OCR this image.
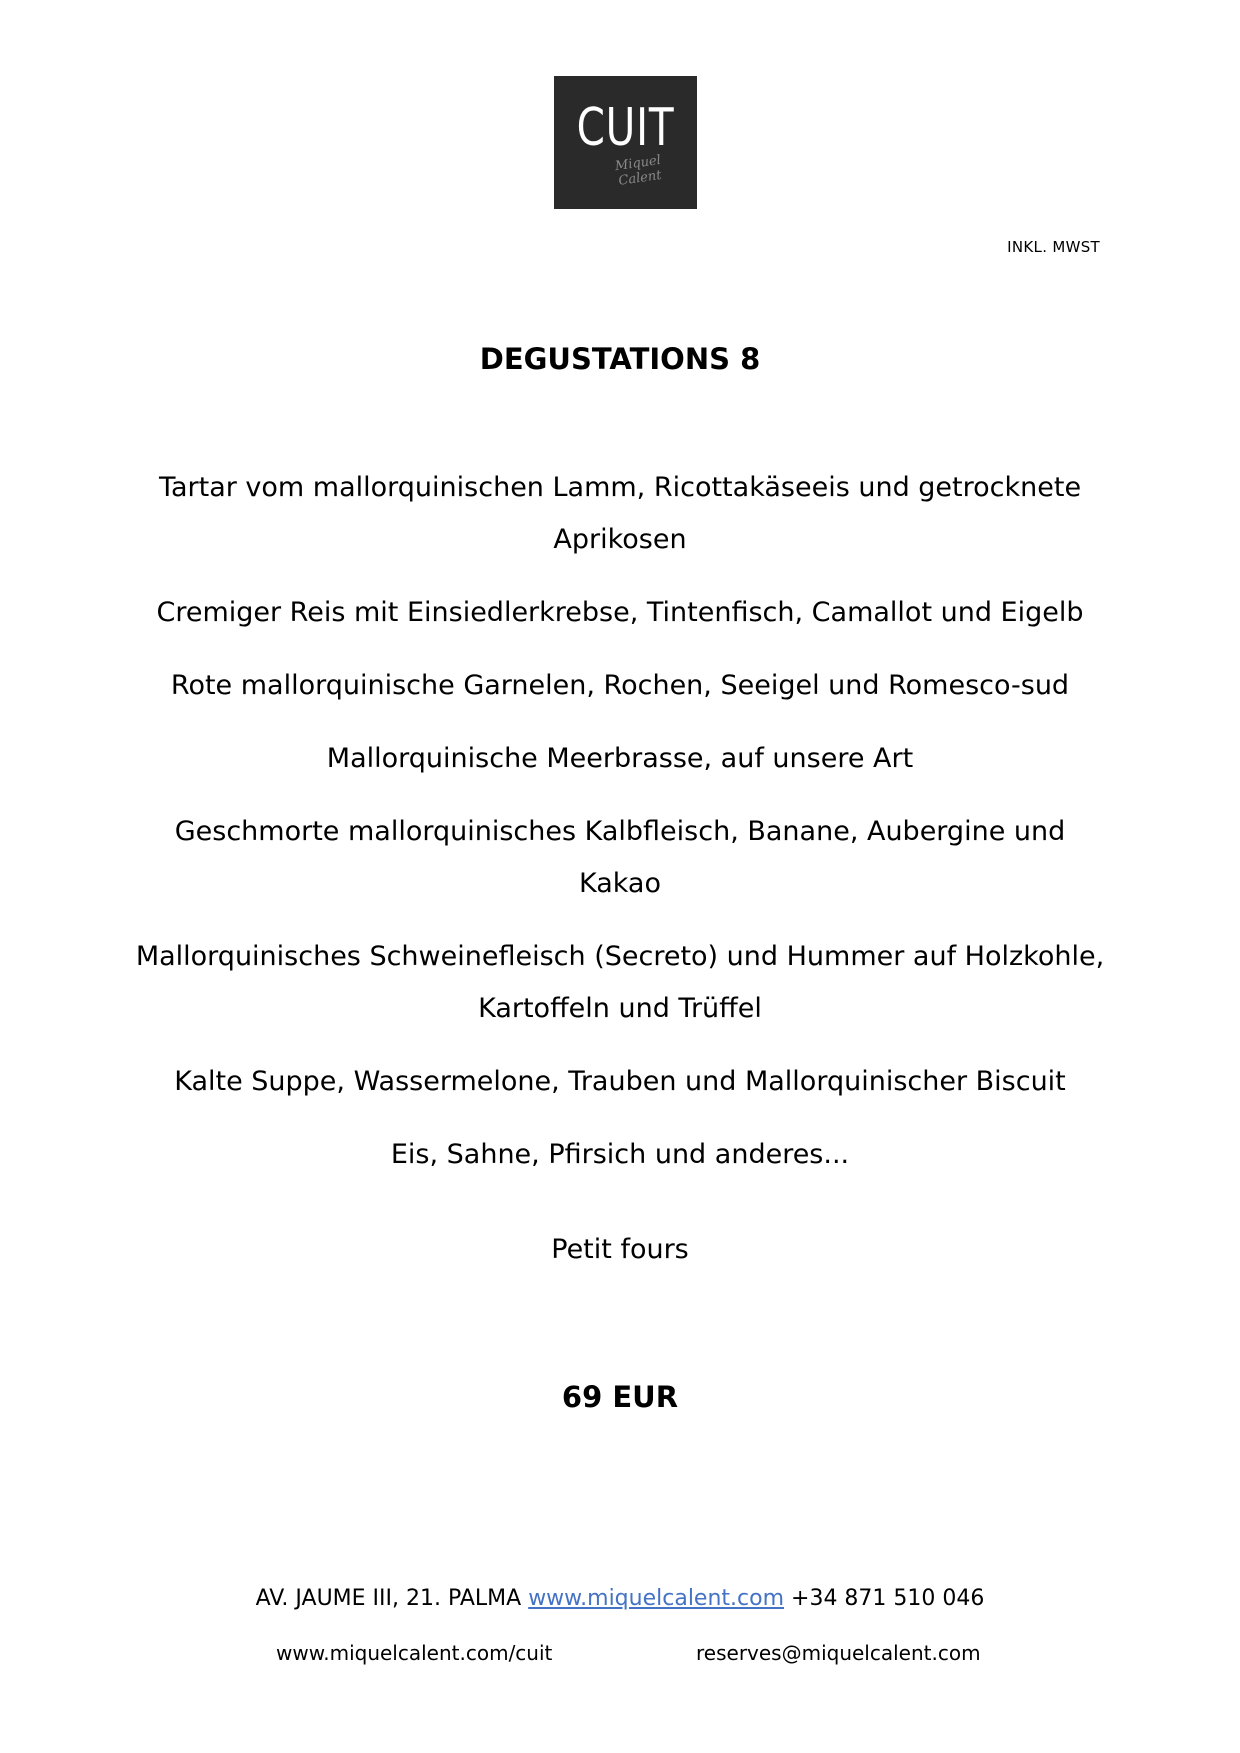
CUIT
Miquel Calent
INKL. MWST
DEGUSTATIONS 8
Tartar vom mallorquinischen Lamm, Ricottakäseeis und getrocknete Aprikosen
Cremiger Reis mit Einsiedlerkrebse, Tintenfisch, Camallot und Eigelb
Rote mallorquinische Garnelen, Rochen, Seeigel und Romesco-sud
Mallorquinische Meerbrasse, auf unsere Art
Geschmorte mallorquinisches Kalbfleisch, Banane, Aubergine und Kakao
Mallorquinisches Schweinefleisch (Secreto) und Hummer auf Holzkohle, Kartoffeln und Trüffel
Kalte Suppe, Wassermelone, Trauben und Mallorquinischer Biscuit
Eis, Sahne, Pfirsich und anderes...
Petit fours
69 EUR
AV. JAUME III, 21. PALMA www.miquelcalent.com +34 871 510 046
www.miquelcalent.com/cuit	reserves@miquelcalent.com
